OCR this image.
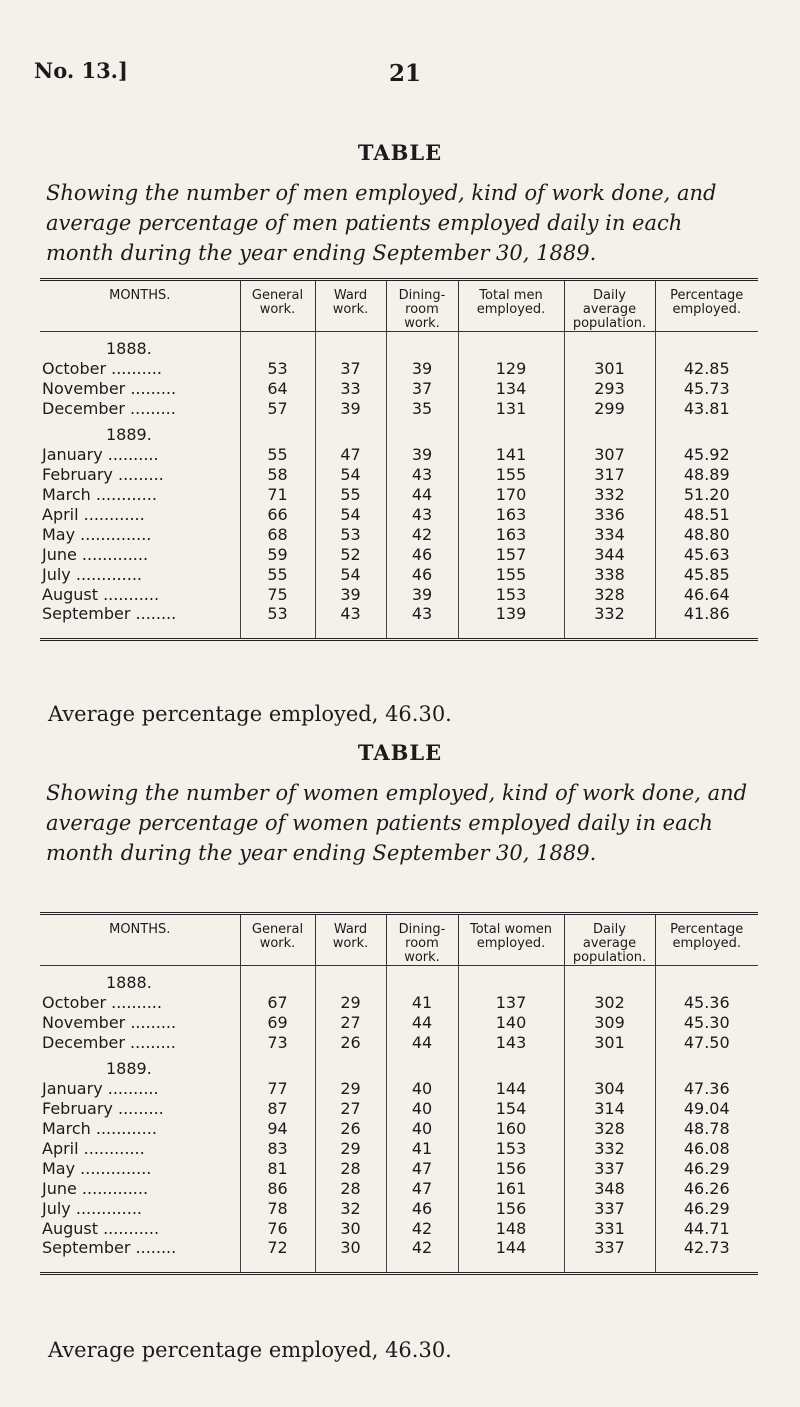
No. 13.]	21
TABLE
Showing the number of men employed, kind of work done, and average percentage of men patients employed daily in each month during the year ending September 30, 1889.
MONTHS.	General work.	Ward work.	Dining-room work.	Total men employed.	Daily average population.	Percentage employed.
1888.						
October ..........	53	37	39	129	301	42.85
November .........	64	33	37	134	293	45.73
December .........	57	39	35	131	299	43.81
1889.						
January ..........	55	47	39	141	307	45.92
February .........	58	54	43	155	317	48.89
March ............	71	55	44	170	332	51.20
April ............	66	54	43	163	336	48.51
May ..............	68	53	42	163	334	48.80
June .............	59	52	46	157	344	45.63
July .............	55	54	46	155	338	45.85
August ...........	75	39	39	153	328	46.64
September ........	53	43	43	139	332	41.86
Average percentage employed, 46.30.
TABLE
Showing the number of women employed, kind of work done, and average percentage of women patients employed daily in each month during the year ending September 30, 1889.
MONTHS.	General work.	Ward work.	Dining-room work.	Total women employed.	Daily average population.	Percentage employed.
1888.						
October ..........	67	29	41	137	302	45.36
November .........	69	27	44	140	309	45.30
December .........	73	26	44	143	301	47.50
1889.						
January ..........	77	29	40	144	304	47.36
February .........	87	27	40	154	314	49.04
March ............	94	26	40	160	328	48.78
April ............	83	29	41	153	332	46.08
May ..............	81	28	47	156	337	46.29
June .............	86	28	47	161	348	46.26
July .............	78	32	46	156	337	46.29
August ...........	76	30	42	148	331	44.71
September ........	72	30	42	144	337	42.73
Average percentage employed, 46.30.
